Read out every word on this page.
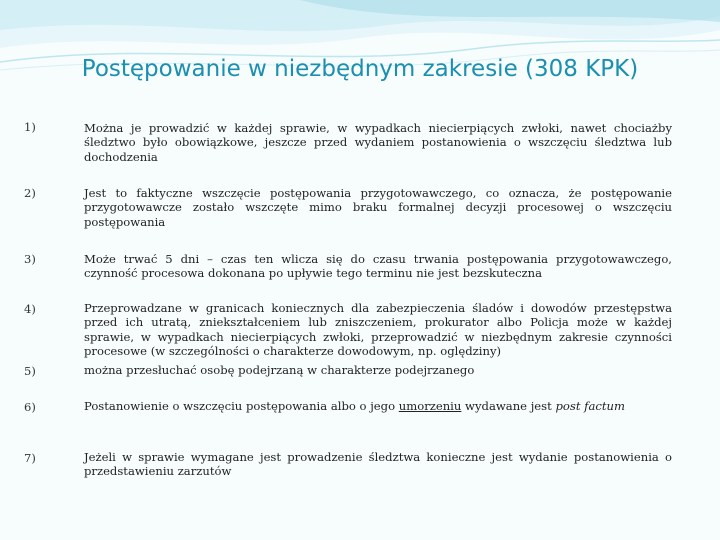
Postępowanie w niezbędnym zakresie (308 KPK)
1)	Można je prowadzić w każdej sprawie, w wypadkach niecierpiących zwłoki, nawet chociażby śledztwo było obowiązkowe, jeszcze przed wydaniem postanowienia o wszczęciu śledztwa lub dochodzenia
2)	Jest to faktyczne wszczęcie postępowania przygotowawczego, co oznacza, że postępowanie przygotowawcze zostało wszczęte mimo braku formalnej decyzji procesowej o wszczęciu postępowania
3)	Może trwać 5 dni – czas ten wlicza się do czasu trwania postępowania przygotowawczego, czynność procesowa dokonana po upływie tego terminu nie jest bezskuteczna
4)	Przeprowadzane w granicach koniecznych dla zabezpieczenia śladów i dowodów przestępstwa przed ich utratą, zniekształceniem lub zniszczeniem, prokurator albo Policja może w każdej sprawie, w wypadkach niecierpiących zwłoki, przeprowadzić w niezbędnym zakresie czynności procesowe (w szczególności o charakterze dowodowym, np. oględziny)
5)	można przesłuchać osobę podejrzaną w charakterze podejrzanego
6)	Postanowienie o wszczęciu postępowania albo o jego umorzeniu wydawane jest post factum
7)	Jeżeli w sprawie wymagane jest prowadzenie śledztwa konieczne jest wydanie postanowienia o przedstawieniu zarzutów
